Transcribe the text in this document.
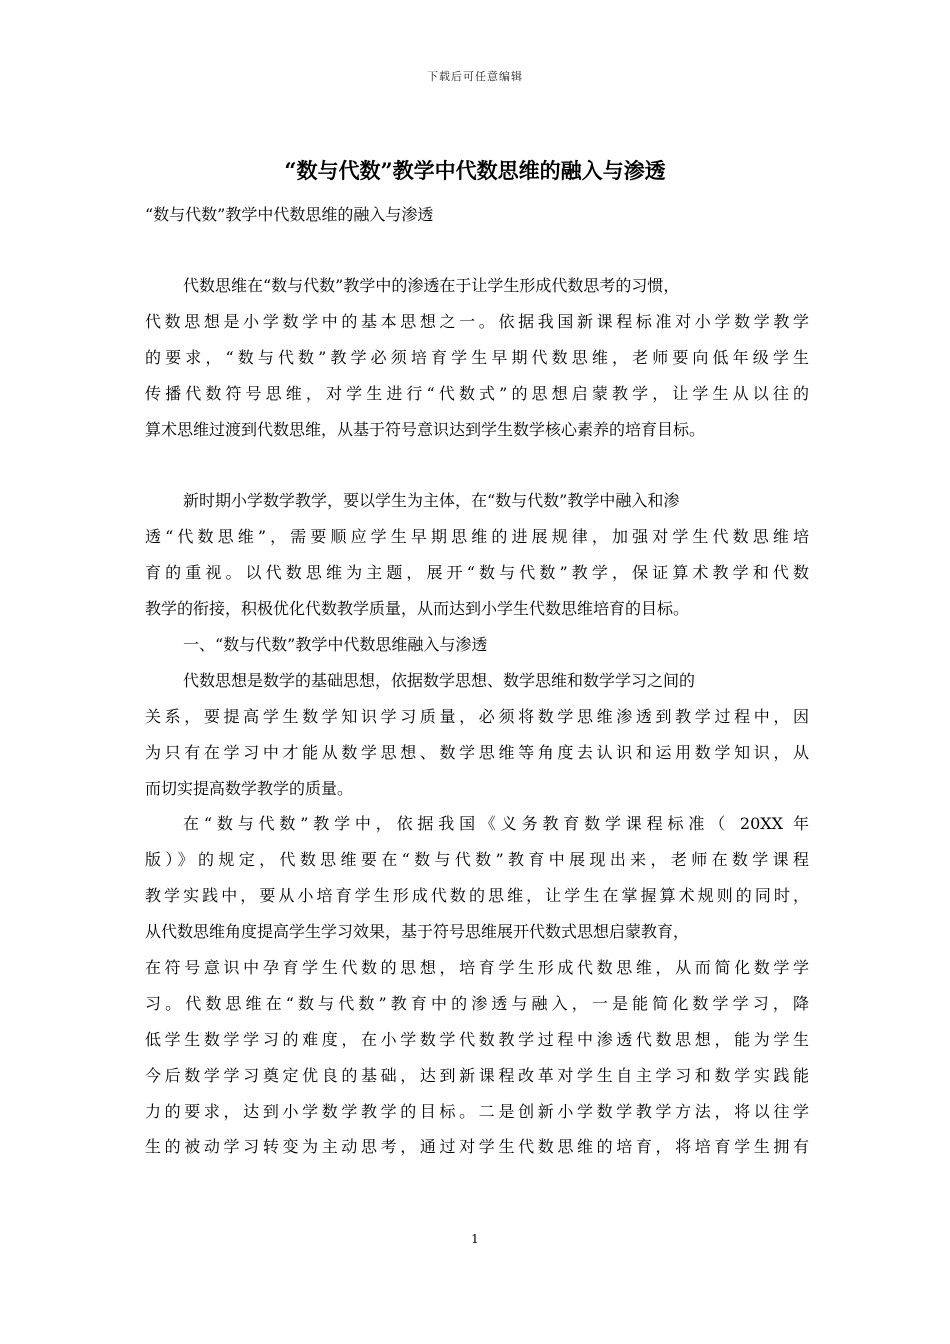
下载后可任意编辑
“数与代数”教学中代数思维的融入与渗透

“数与代数”教学中代数思维的融入与渗透

代数思维在“数与代数”教学中的渗透在于让学生形成代数思考的习惯，
代数思想是小学数学中的基本思想之一。依据我国新课程标准对小学数学教学
的要求，“数与代数”教学必须培育学生早期代数思维，老师要向低年级学生
传播代数符号思维，对学生进行“代数式”的思想启蒙教学，让学生从以往的
算术思维过渡到代数思维，从基于符号意识达到学生数学核心素养的培育目标。
新时期小学数学教学，要以学生为主体，在“数与代数”教学中融入和渗
透“代数思维”，需要顺应学生早期思维的进展规律，加强对学生代数思维培
育的重视。以代数思维为主题，展开“数与代数”教学，保证算术教学和代数
教学的衔接，积极优化代数教学质量，从而达到小学生代数思维培育的目标。
一、“数与代数”教学中代数思维融入与渗透
代数思想是数学的基础思想，依据数学思想、数学思维和数学学习之间的
关系，要提高学生数学知识学习质量，必须将数学思维渗透到教学过程中，因
为只有在学习中才能从数学思想、数学思维等角度去认识和运用数学知识，从
而切实提高数学教学的质量。
在“数与代数”教学中，依据我国《义务教育数学课程标准（ 20XX 年
版）》的规定，代数思维要在“数与代数”教育中展现出来，老师在数学课程
教学实践中，要从小培育学生形成代数的思维，让学生在掌握算术规则的同时，
从代数思维角度提高学生学习效果，基于符号思维展开代数式思想启蒙教育，
在符号意识中孕育学生代数的思想，培育学生形成代数思维，从而简化数学学
习。代数思维在“数与代数”教育中的渗透与融入，一是能简化数学学习，降
低学生数学学习的难度，在小学数学代数教学过程中渗透代数思想，能为学生
今后数学学习奠定优良的基础，达到新课程改革对学生自主学习和数学实践能
力的要求，达到小学数学教学的目标。二是创新小学数学教学方法，将以往学
生的被动学习转变为主动思考，通过对学生代数思维的培育，将培育学生拥有
1
